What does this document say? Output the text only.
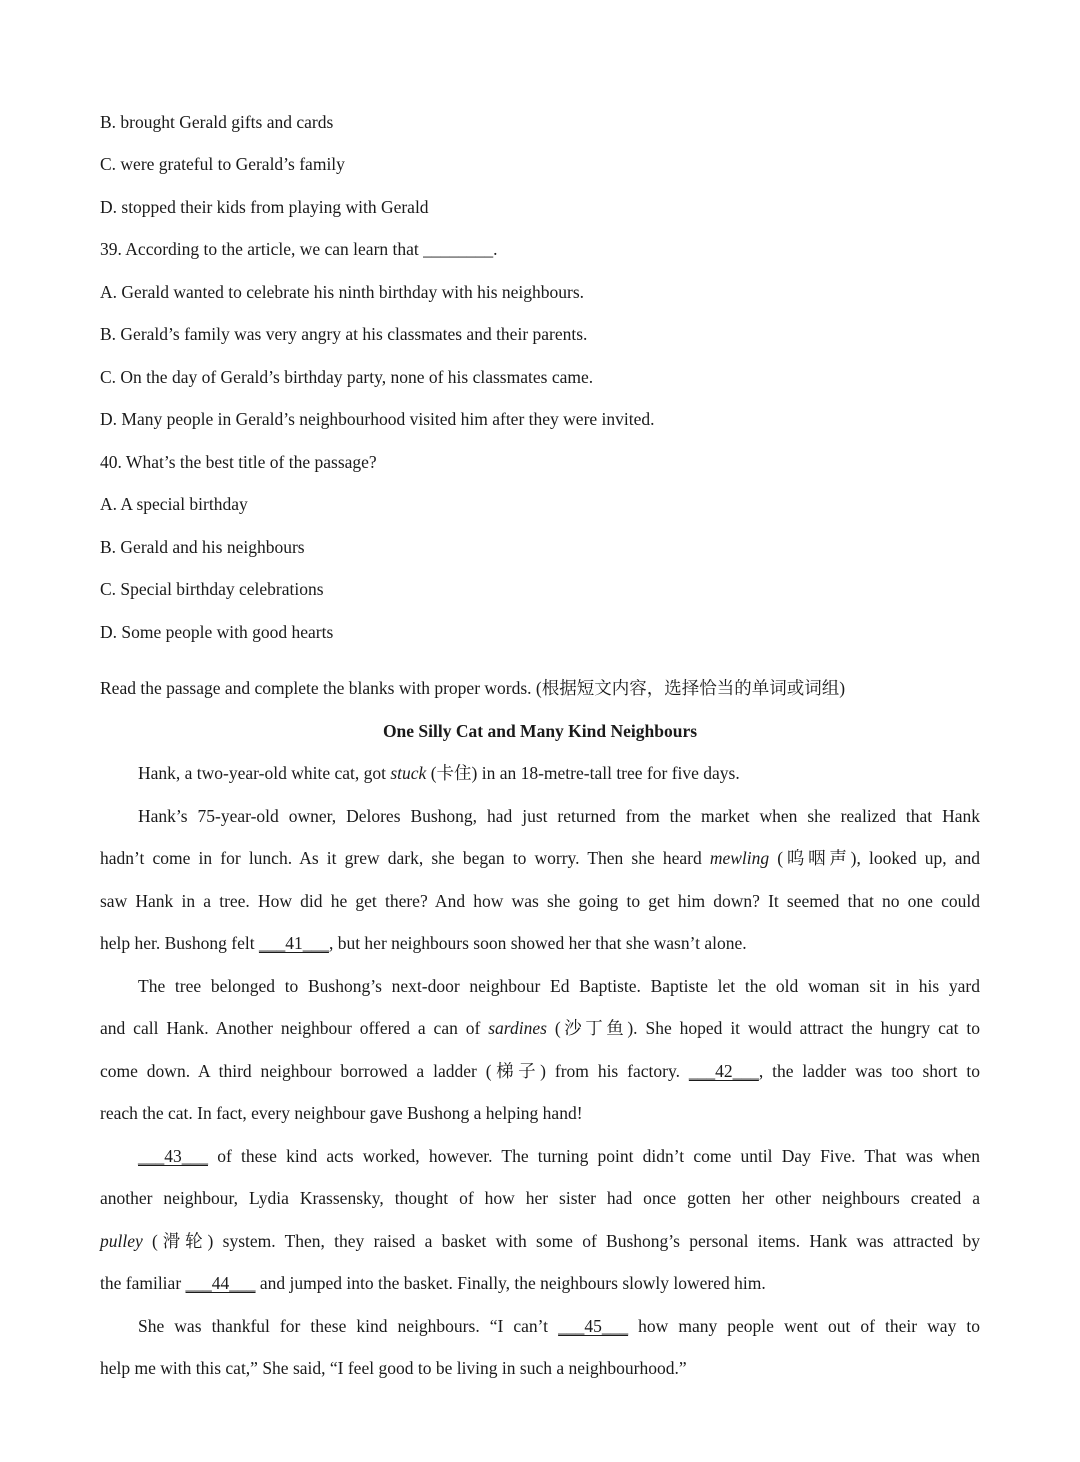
B. brought Gerald gifts and cards
C. were grateful to Gerald’s family
D. stopped their kids from playing with Gerald
39. According to the article, we can learn that ________.
A. Gerald wanted to celebrate his ninth birthday with his neighbours.
B. Gerald’s family was very angry at his classmates and their parents.
C. On the day of Gerald’s birthday party, none of his classmates came.
D. Many people in Gerald’s neighbourhood visited him after they were invited.
40. What’s the best title of the passage?
A. A special birthday
B. Gerald and his neighbours
C. Special birthday celebrations
D. Some people with good hearts
Read the passage and complete the blanks with proper words. (根据短文内容，选择恰当的单词或词组)
One Silly Cat and Many Kind Neighbours
Hank, a two-year-old white cat, got stuck (卡住) in an 18-metre-tall tree for five days.
Hank’s 75-year-old owner, Delores Bushong, had just returned from the market when she realized that Hank
hadn’t come in for lunch. As it grew dark, she began to worry. Then she heard mewling (呜咽声), looked up, and
saw Hank in a tree. How did he get there? And how was she going to get him down? It seemed that no one could
help her. Bushong felt ___41___, but her neighbours soon showed her that she wasn’t alone.
The tree belonged to Bushong’s next-door neighbour Ed Baptiste. Baptiste let the old woman sit in his yard
and call Hank. Another neighbour offered a can of sardines (沙丁鱼). She hoped it would attract the hungry cat to
come down. A third neighbour borrowed a ladder (梯子) from his factory. ___42___, the ladder was too short to
reach the cat. In fact, every neighbour gave Bushong a helping hand!
___43___ of these kind acts worked, however. The turning point didn’t come until Day Five. That was when
another neighbour, Lydia Krassensky, thought of how her sister had once gotten her other neighbours created a
pulley (滑轮) system. Then, they raised a basket with some of Bushong’s personal items. Hank was attracted by
the familiar ___44___ and jumped into the basket. Finally, the neighbours slowly lowered him.
She was thankful for these kind neighbours. “I can’t ___45___ how many people went out of their way to
help me with this cat,” She said, “I feel good to be living in such a neighbourhood.”
